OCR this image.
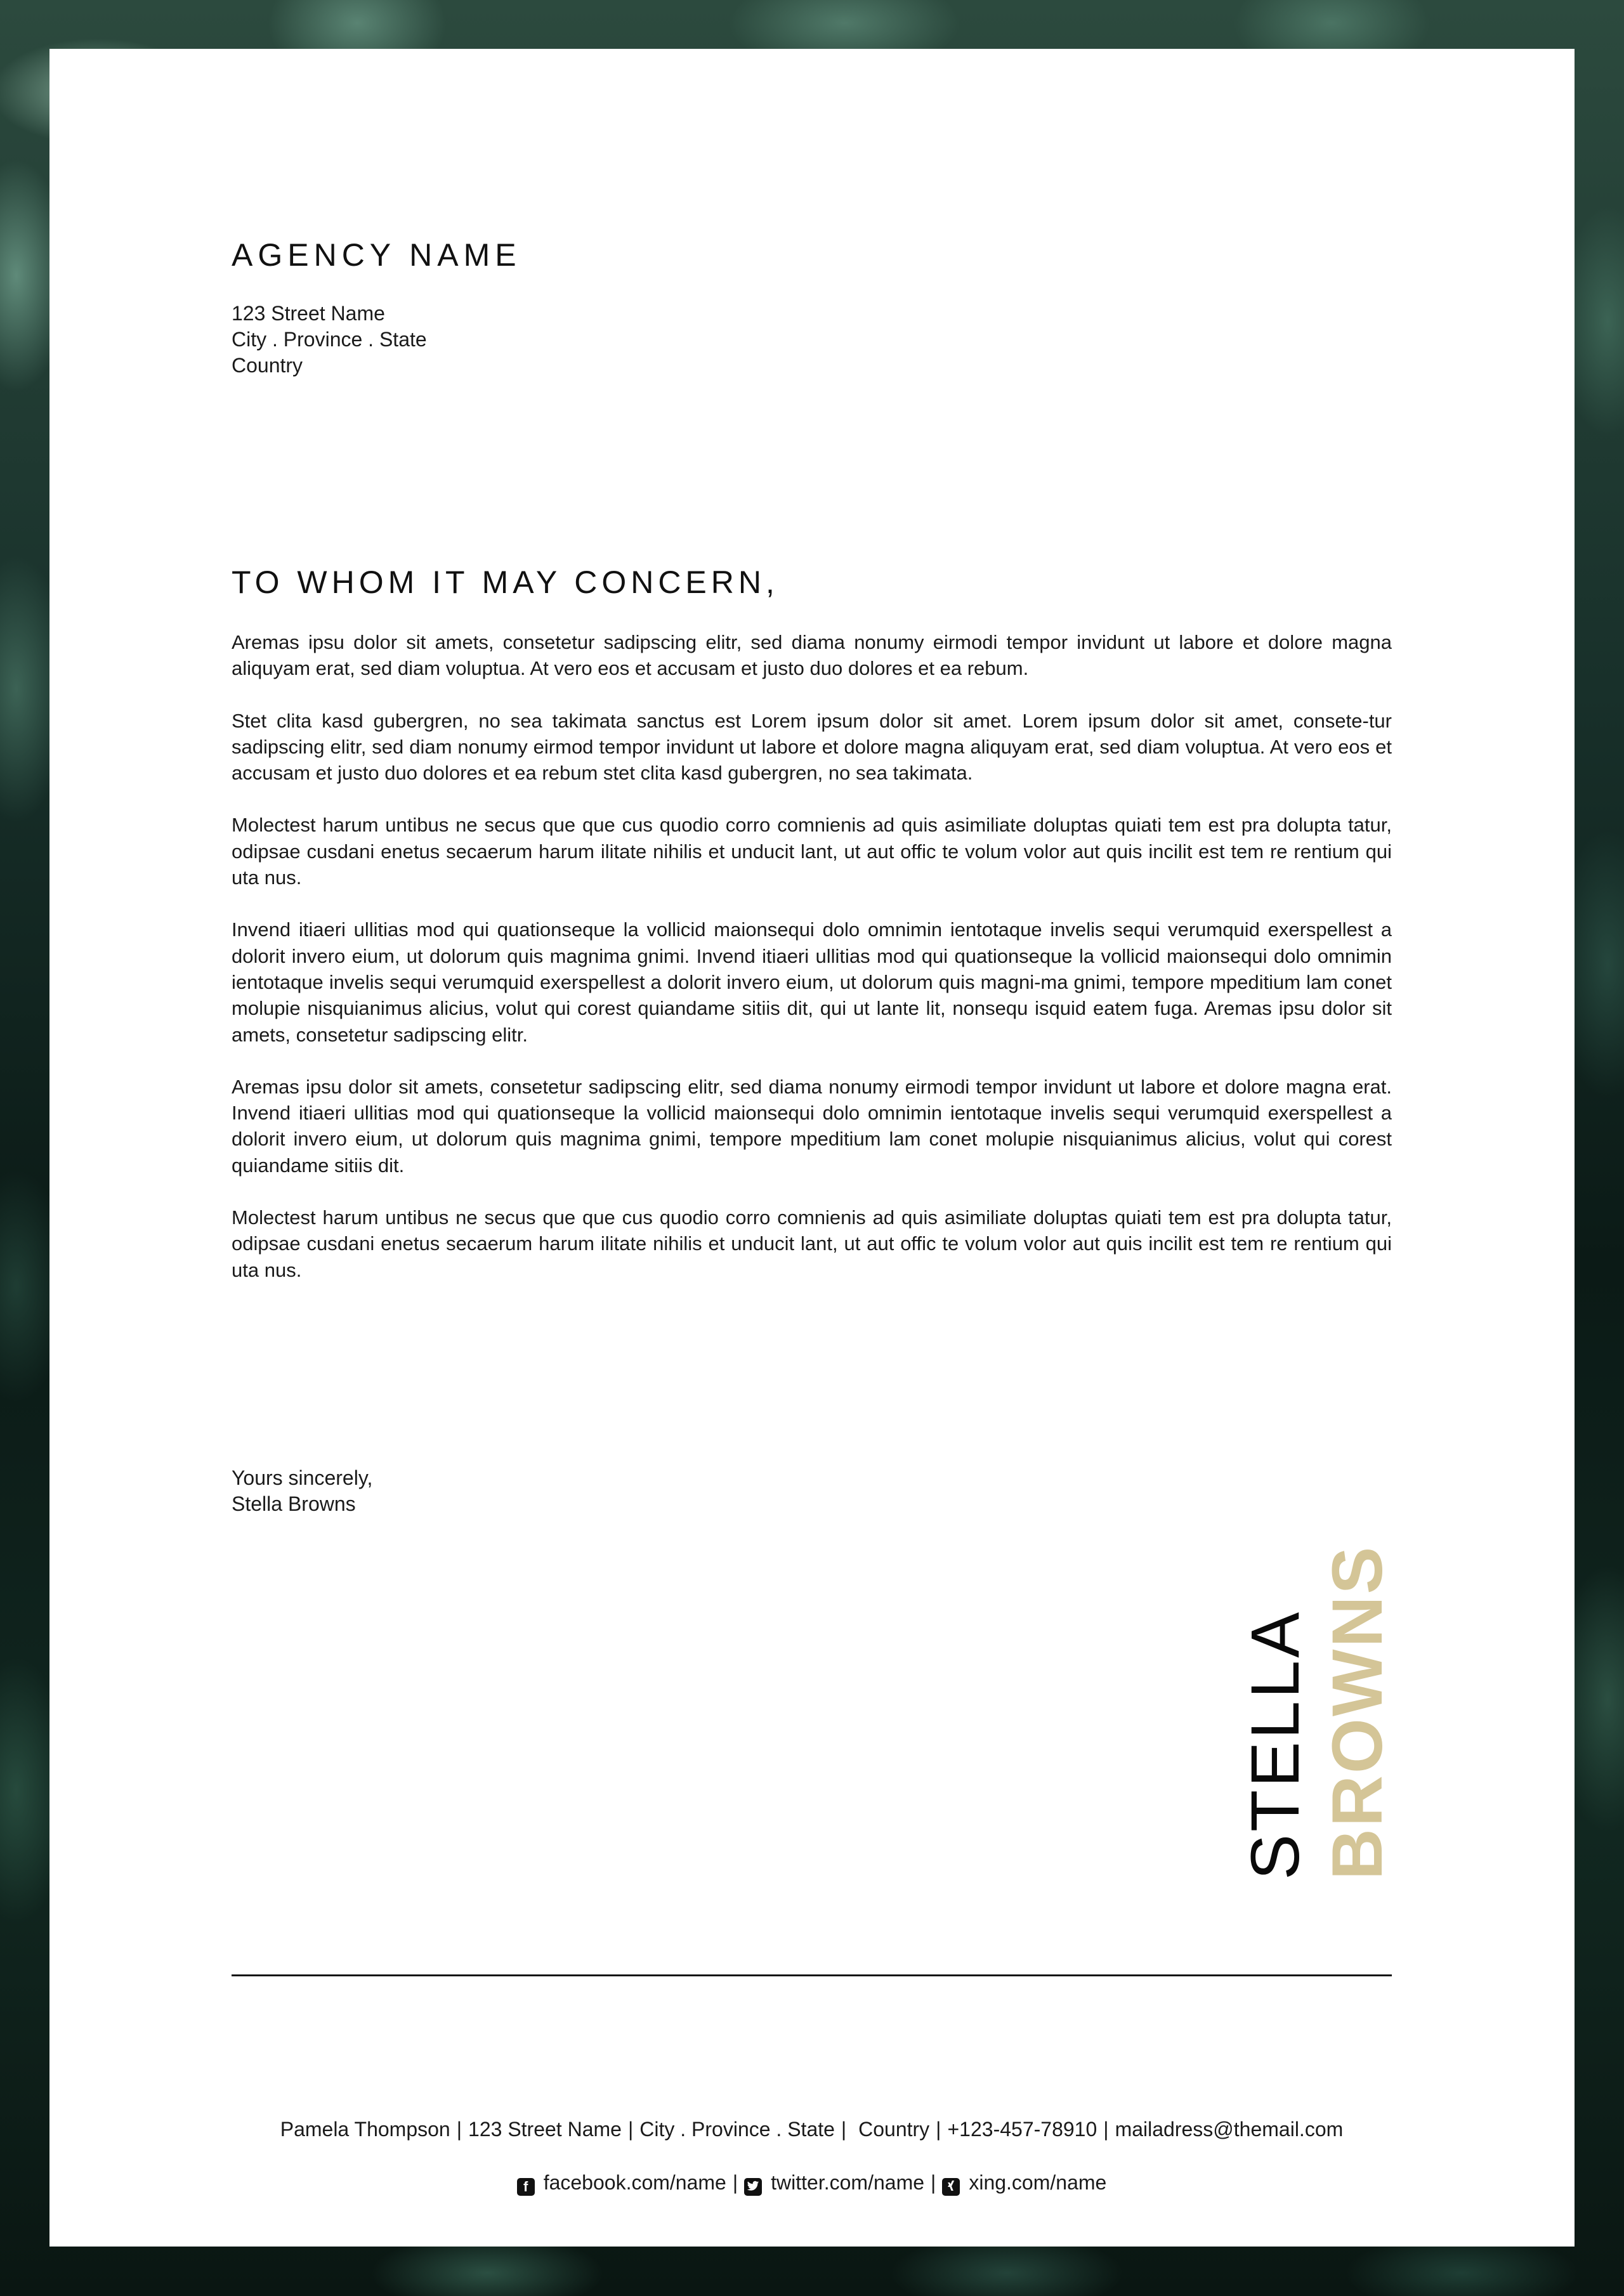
AGENCY NAME
123 Street Name
City . Province . State
Country
TO WHOM IT MAY CONCERN,

Aremas ipsu dolor sit amets, consetetur sadipscing elitr, sed diama nonumy eirmodi tempor invidunt ut labore et dolore magna aliquyam erat, sed diam voluptua. At vero eos et accusam et justo duo dolores et ea rebum.

Stet clita kasd gubergren, no sea takimata sanctus est Lorem ipsum dolor sit amet. Lorem ipsum dolor sit amet, consete-tur sadipscing elitr, sed diam nonumy eirmod tempor invidunt ut labore et dolore magna aliquyam erat, sed diam voluptua. At vero eos et accusam et justo duo dolores et ea rebum stet clita kasd gubergren, no sea takimata.

Molectest harum untibus ne secus que que cus quodio corro comnienis ad quis asimiliate doluptas quiati tem est pra dolupta tatur, odipsae cusdani enetus secaerum harum ilitate nihilis et unducit lant, ut aut offic te volum volor aut quis incilit est tem re rentium qui uta nus.

Invend itiaeri ullitias mod qui quationseque la vollicid maionsequi dolo omnimin ientotaque invelis sequi verumquid exerspellest a dolorit invero eium, ut dolorum quis magnima gnimi. Invend itiaeri ullitias mod qui quationseque la vollicid maionsequi dolo omnimin ientotaque invelis sequi verumquid exerspellest a dolorit invero eium, ut dolorum quis magni-ma gnimi, tempore mpeditium lam conet molupie nisquianimus alicius, volut qui corest quiandame sitiis dit, qui ut lante lit, nonsequ isquid eatem fuga. Aremas ipsu dolor sit amets, consetetur sadipscing elitr.

Aremas ipsu dolor sit amets, consetetur sadipscing elitr, sed diama nonumy eirmodi tempor invidunt ut labore et dolore magna erat. Invend itiaeri ullitias mod qui quationseque la vollicid maionsequi dolo omnimin ientotaque invelis sequi verumquid exerspellest a dolorit invero eium, ut dolorum quis magnima gnimi, tempore mpeditium lam conet molupie nisquianimus alicius, volut qui corest quiandame sitiis dit.

Molectest harum untibus ne secus que que cus quodio corro comnienis ad quis asimiliate doluptas quiati tem est pra dolupta tatur, odipsae cusdani enetus secaerum harum ilitate nihilis et unducit lant, ut aut offic te volum volor aut quis incilit est tem re rentium qui uta nus.

Yours sincerely,
Stella Browns
STELLA BROWNS
Pamela Thompson | 123 Street Name | City . Province . State | Country | +123-457-78910 | mailadress@themail.com
f facebook.com/name | twitter.com/name | xing.com/name
